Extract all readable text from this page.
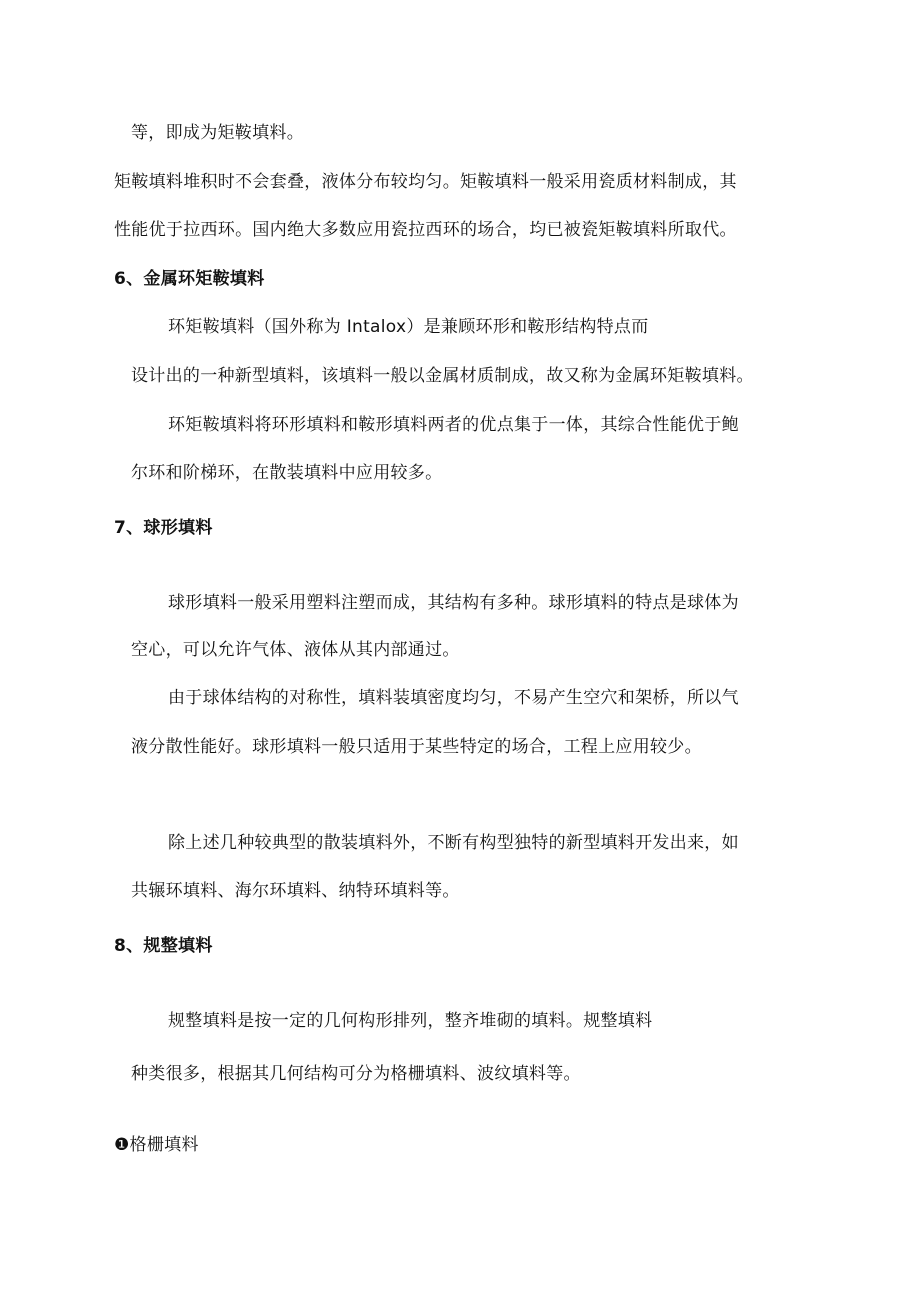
等，即成为矩鞍填料。
矩鞍填料堆积时不会套叠，液体分布较均匀。矩鞍填料一般采用瓷质材料制成，其
性能优于拉西环。国内绝大多数应用瓷拉西环的场合，均已被瓷矩鞍填料所取代。
6、金属环矩鞍填料
环矩鞍填料（国外称为 Intalox）是兼顾环形和鞍形结构特点而
设计出的一种新型填料，该填料一般以金属材质制成，故又称为金属环矩鞍填料。
环矩鞍填料将环形填料和鞍形填料两者的优点集于一体，其综合性能优于鲍
尔环和阶梯环，在散装填料中应用较多。
7、球形填料
球形填料一般采用塑料注塑而成，其结构有多种。球形填料的特点是球体为
空心，可以允许气体、液体从其内部通过。
由于球体结构的对称性，填料装填密度均匀，不易产生空穴和架桥，所以气
液分散性能好。球形填料一般只适用于某些特定的场合，工程上应用较少。
除上述几种较典型的散装填料外，不断有构型独特的新型填料开发出来，如
共辗环填料、海尔环填料、纳特环填料等。
8、规整填料
规整填料是按一定的几何构形排列，整齐堆砌的填料。规整填料
种类很多，根据其几何结构可分为格栅填料、波纹填料等。
❶格栅填料
